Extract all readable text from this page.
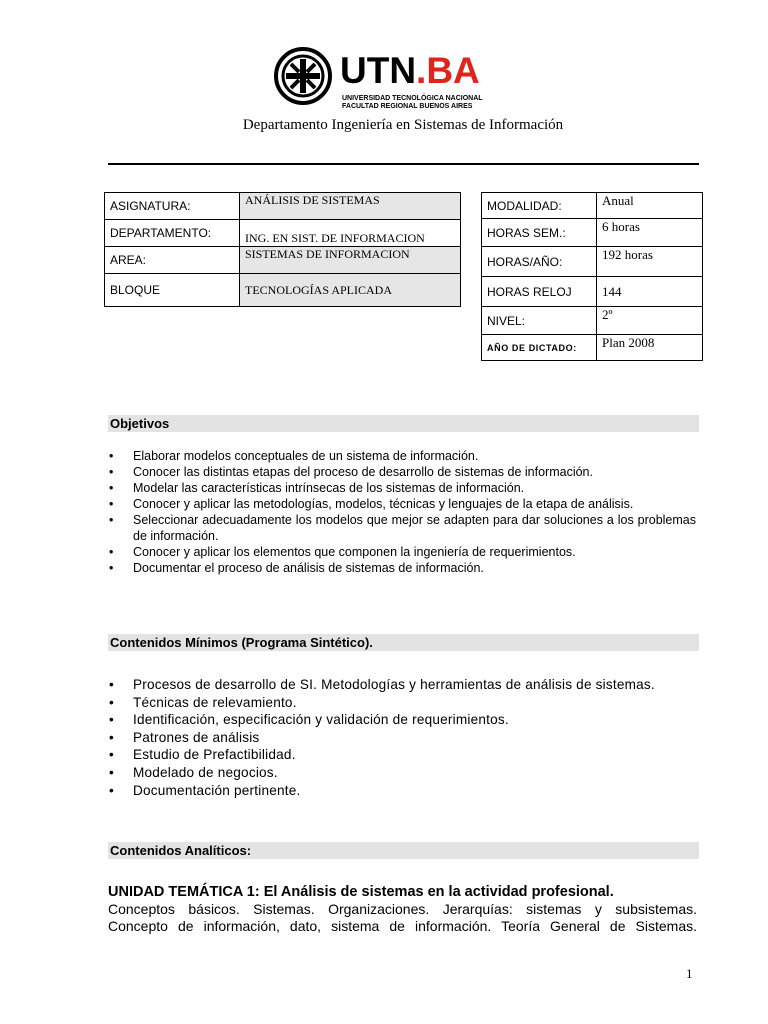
UTN.BA
UNIVERSIDAD TECNOLÓGICA NACIONAL
FACULTAD REGIONAL BUENOS AIRES
Departamento Ingeniería en Sistemas de Información
ASIGNATURA:	ANÁLISIS DE SISTEMAS
DEPARTAMENTO:	ING. EN SIST. DE INFORMACION
AREA:	SISTEMAS DE INFORMACION
BLOQUE	TECNOLOGÍAS APLICADA
MODALIDAD:	Anual
HORAS SEM.:	6 horas
HORAS/AÑO:	192 horas
HORAS RELOJ	144
NIVEL:	2º
AÑO DE DICTADO:	Plan 2008
Objetivos
• Elaborar modelos conceptuales de un sistema de información.
• Conocer las distintas etapas del proceso de desarrollo de sistemas de información.
• Modelar las características intrínsecas de los sistemas de información.
• Conocer y aplicar las metodologías, modelos, técnicas y lenguajes de la etapa de análisis.
• Seleccionar adecuadamente los modelos que mejor se adapten para dar soluciones a los problemas de información.
• Conocer y aplicar los elementos que componen la ingeniería de requerimientos.
• Documentar el proceso de análisis de sistemas de información.
Contenidos Mínimos (Programa Sintético).
• Procesos de desarrollo de SI. Metodologías y herramientas de análisis de sistemas.
• Técnicas de relevamiento.
• Identificación, especificación y validación de requerimientos.
• Patrones de análisis
• Estudio de Prefactibilidad.
• Modelado de negocios.
• Documentación pertinente.
Contenidos Analíticos:
UNIDAD TEMÁTICA 1: El Análisis de sistemas en la actividad profesional.
Conceptos básicos. Sistemas. Organizaciones. Jerarquías: sistemas y subsistemas.
Concepto de información, dato, sistema de información. Teoría General de Sistemas.
1
